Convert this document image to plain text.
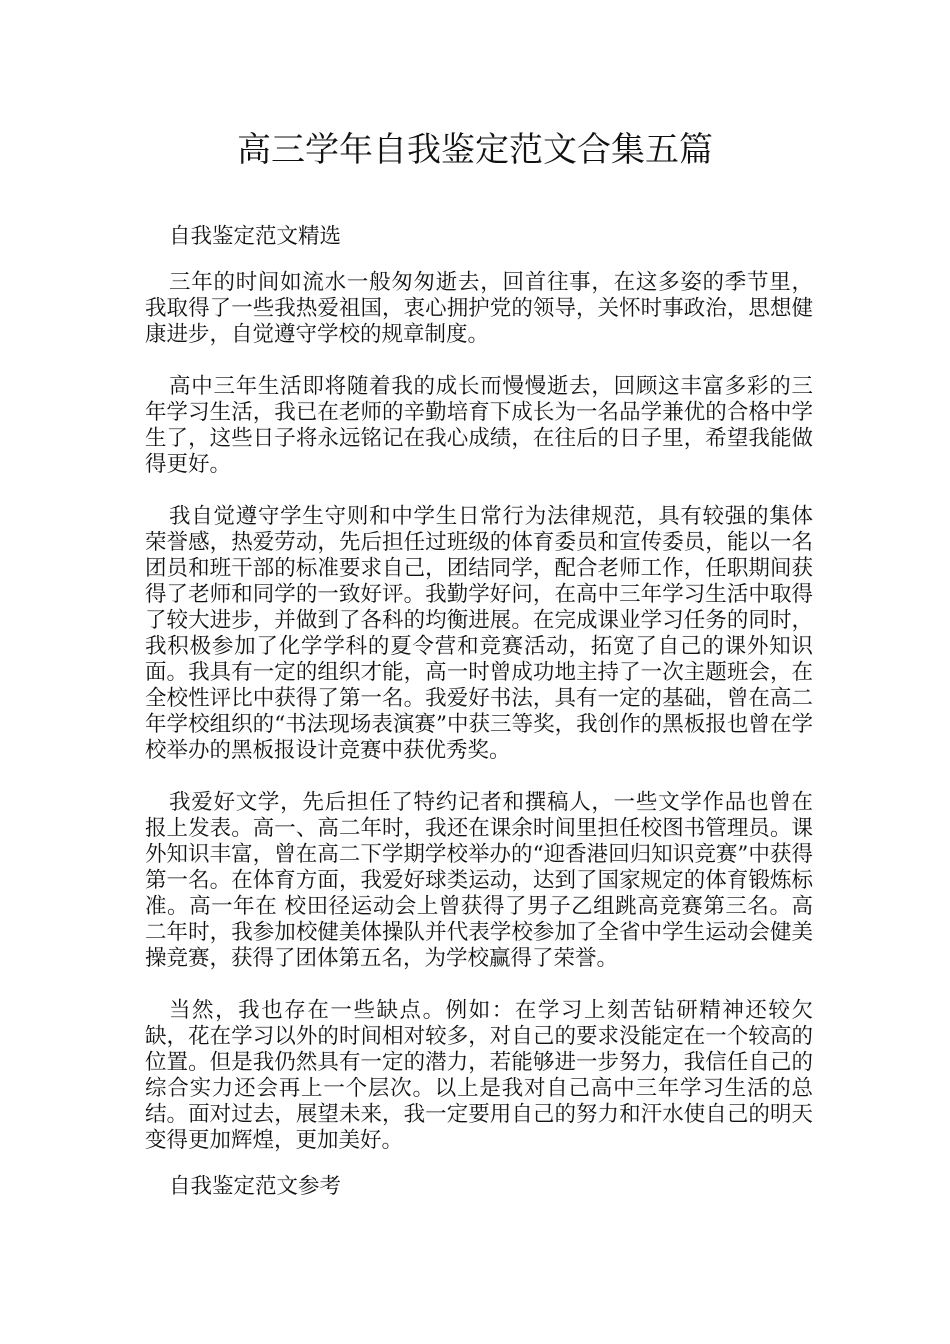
高三学年自我鉴定范文合集五篇

自我鉴定范文精选

三年的时间如流水一般匆匆逝去，回首往事，在这多姿的季节里，我取得了一些我热爱祖国，衷心拥护党的领导，关怀时事政治，思想健康进步，自觉遵守学校的规章制度。

高中三年生活即将随着我的成长而慢慢逝去，回顾这丰富多彩的三年学习生活，我已在老师的辛勤培育下成长为一名品学兼优的合格中学生了，这些日子将永远铭记在我心成绩，在往后的日子里，希望我能做得更好。

我自觉遵守学生守则和中学生日常行为法律规范，具有较强的集体荣誉感，热爱劳动，先后担任过班级的体育委员和宣传委员，能以一名团员和班干部的标准要求自己，团结同学，配合老师工作，任职期间获得了老师和同学的一致好评。我勤学好问，在高中三年学习生活中取得了较大进步，并做到了各科的均衡进展。在完成课业学习任务的同时，我积极参加了化学学科的夏令营和竞赛活动，拓宽了自己的课外知识面。我具有一定的组织才能，高一时曾成功地主持了一次主题班会，在全校性评比中获得了第一名。我爱好书法，具有一定的基础，曾在高二年学校组织的“书法现场表演赛”中获三等奖，我创作的黑板报也曾在学校举办的黑板报设计竞赛中获优秀奖。

我爱好文学，先后担任了特约记者和撰稿人，一些文学作品也曾在报上发表。高一、高二年时，我还在课余时间里担任校图书管理员。课外知识丰富，曾在高二下学期学校举办的“迎香港回归知识竞赛”中获得第一名。在体育方面，我爱好球类运动，达到了国家规定的体育锻炼标准。高一年在 校田径运动会上曾获得了男子乙组跳高竞赛第三名。高二年时，我参加校健美体操队并代表学校参加了全省中学生运动会健美操竞赛，获得了团体第五名，为学校赢得了荣誉。

当然，我也存在一些缺点。例如：在学习上刻苦钻研精神还较欠缺，花在学习以外的时间相对较多，对自己的要求没能定在一个较高的位置。但是我仍然具有一定的潜力，若能够进一步努力，我信任自己的综合实力还会再上一个层次。以上是我对自己高中三年学习生活的总结。面对过去，展望未来，我一定要用自己的努力和汗水使自己的明天变得更加辉煌，更加美好。

自我鉴定范文参考
